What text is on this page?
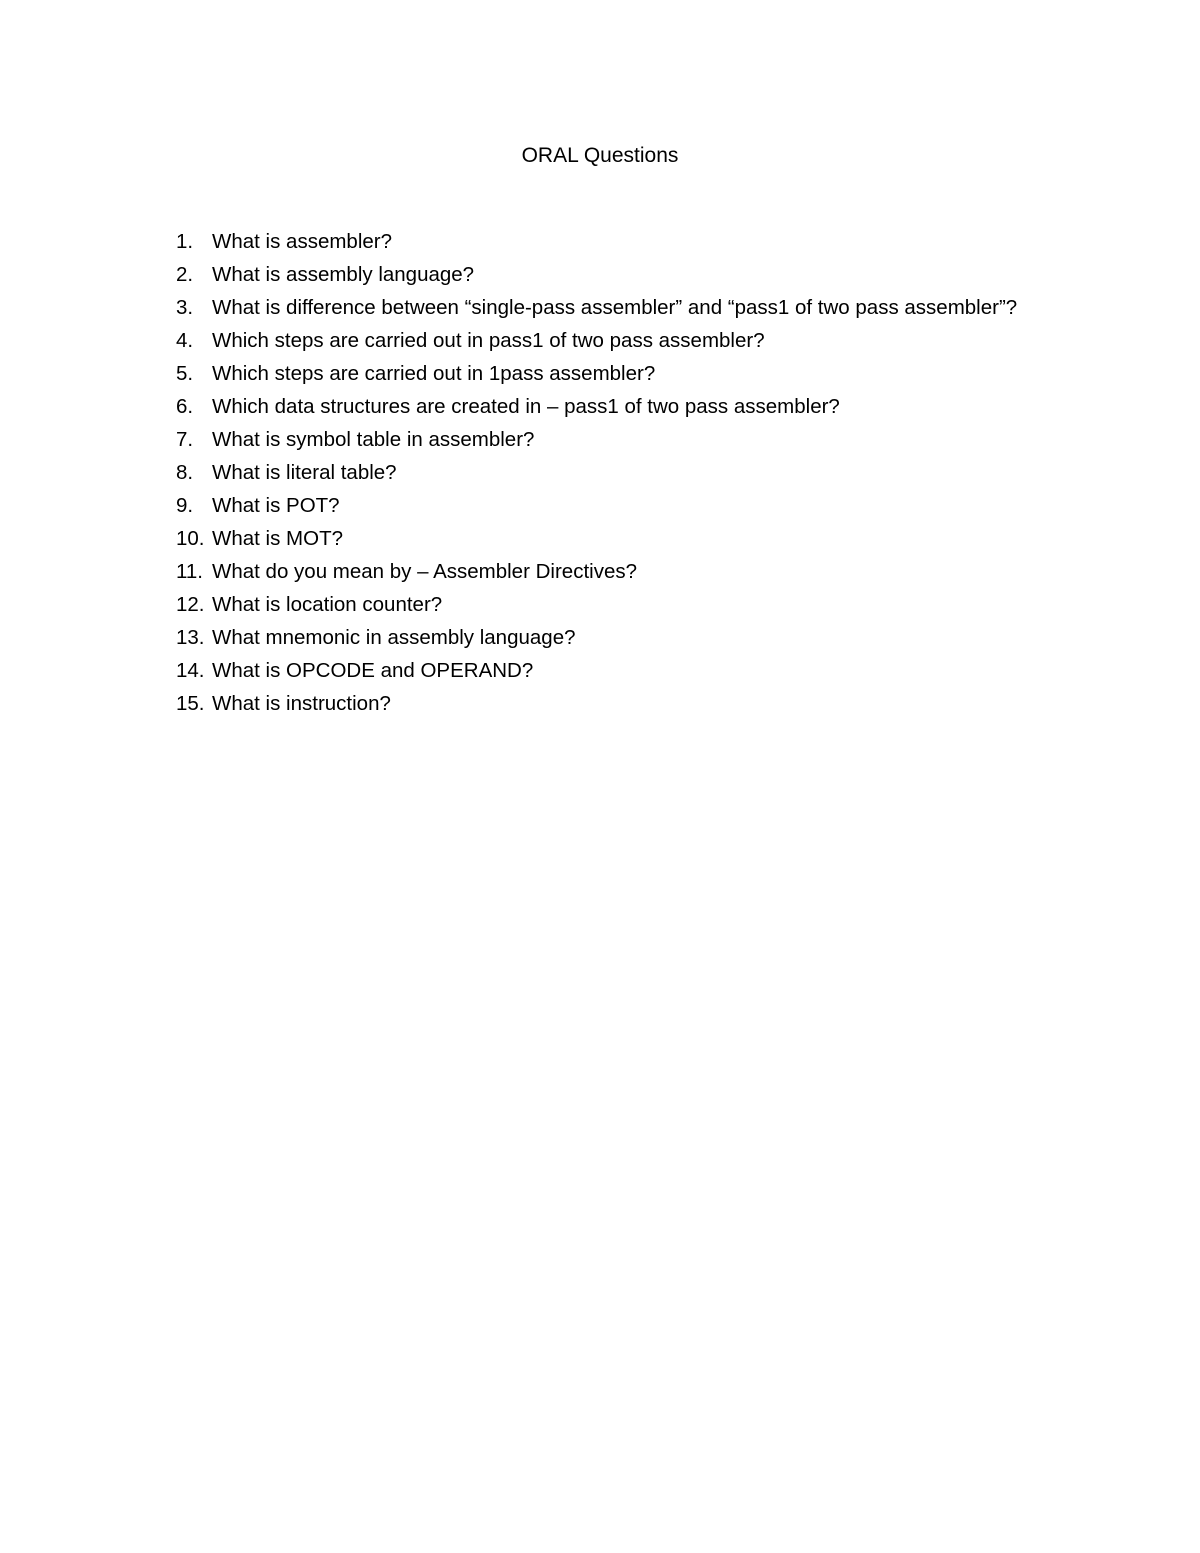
ORAL Questions
1. What is assembler?
2. What is assembly language?
3. What is difference between “single-pass assembler” and “pass1 of two pass assembler”?
4. Which steps are carried out in pass1 of two pass assembler?
5. Which steps are carried out in 1pass assembler?
6. Which data structures are created in – pass1 of two pass assembler?
7. What is symbol table in assembler?
8. What is literal table?
9. What is POT?
10. What is MOT?
11. What do you mean by – Assembler Directives?
12. What is location counter?
13. What mnemonic in assembly language?
14. What is OPCODE and OPERAND?
15. What is instruction?
